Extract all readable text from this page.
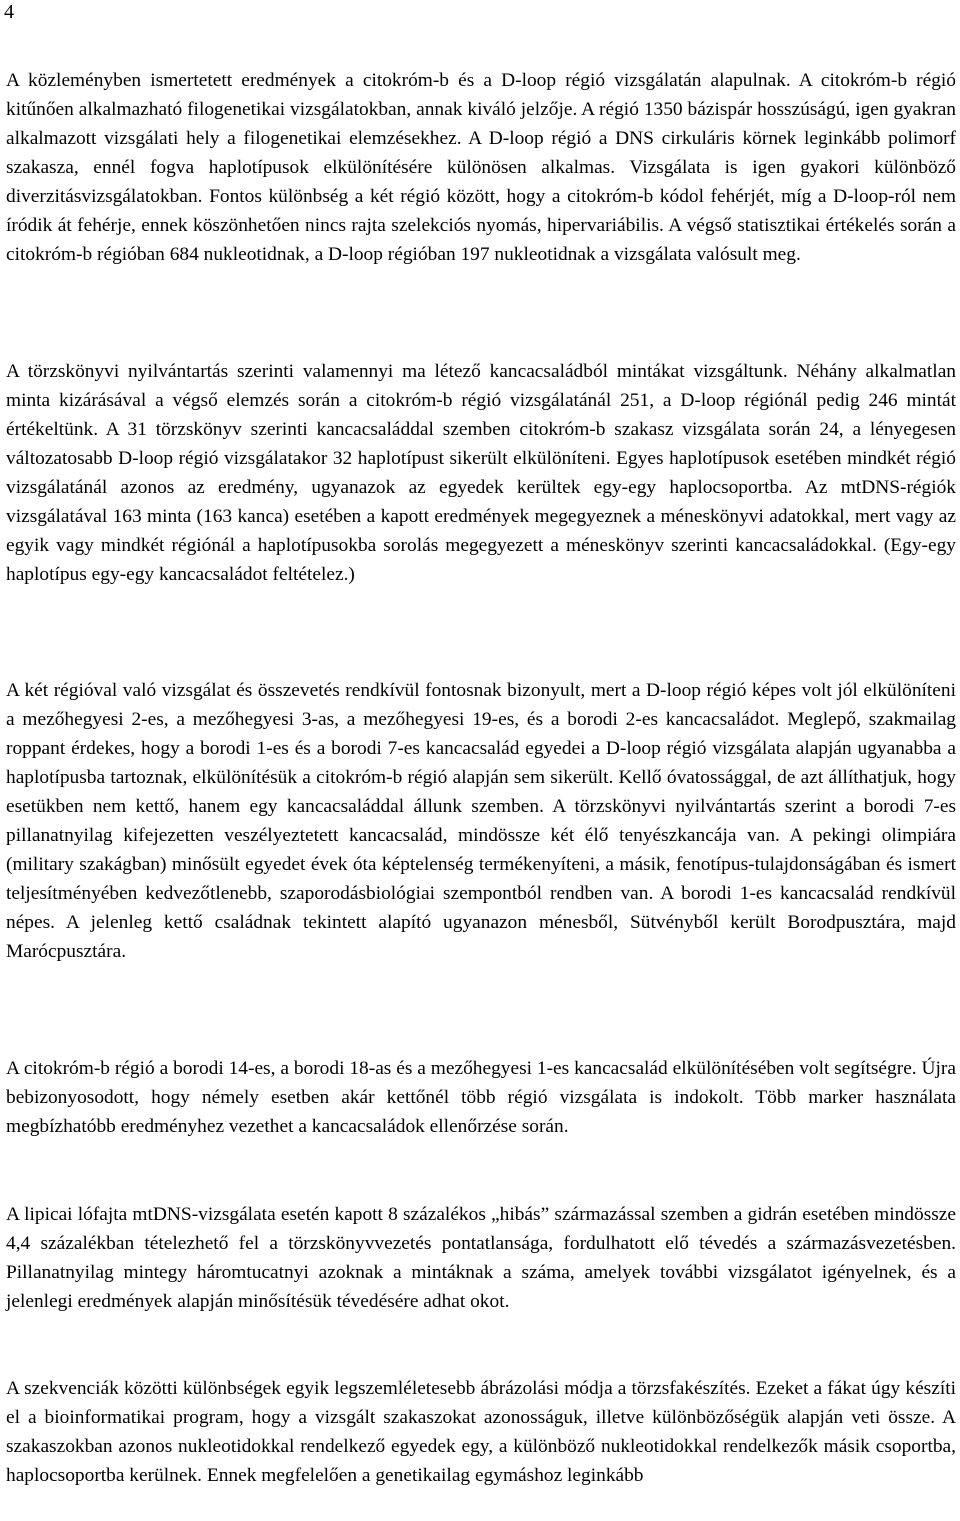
4

A közleményben ismertetett eredmények a citokróm-b és a D-loop régió vizsgálatán alapulnak. A citokróm-b régió kitűnően alkalmazható filogenetikai vizsgálatokban, annak kiváló jelzője. A régió 1350 bázispár hosszúságú, igen gyakran alkalmazott vizsgálati hely a filogenetikai elemzésekhez. A D-loop régió a DNS cirkuláris körnek leginkább polimorf szakasza, ennél fogva haplotípusok elkülönítésére különösen alkalmas. Vizsgálata is igen gyakori különböző diverzitásvizsgálatokban. Fontos különbség a két régió között, hogy a citokróm-b kódol fehérjét, míg a D-loop-ról nem íródik át fehérje, ennek köszönhetően nincs rajta szelekciós nyomás, hipervariábilis. A végső statisztikai értékelés során a citokróm-b régióban 684 nukleotidnak, a D-loop régióban 197 nukleotidnak a vizsgálata valósult meg.

A törzskönyvi nyilvántartás szerinti valamennyi ma létező kancacsaládból mintákat vizsgáltunk. Néhány alkalmatlan minta kizárásával a végső elemzés során a citokróm-b régió vizsgálatánál 251, a D-loop régiónál pedig 246 mintát értékeltünk. A 31 törzskönyv szerinti kancacsaláddal szemben citokróm-b szakasz vizsgálata során 24, a lényegesen változatosabb D-loop régió vizsgálatakor 32 haplotípust sikerült elkülöníteni. Egyes haplotípusok esetében mindkét régió vizsgálatánál azonos az eredmény, ugyanazok az egyedek kerültek egy-egy haplocsoportba. Az mtDNS-régiók vizsgálatával 163 minta (163 kanca) esetében a kapott eredmények megegyeznek a méneskönyvi adatokkal, mert vagy az egyik vagy mindkét régiónál a haplotípusokba sorolás megegyezett a méneskönyv szerinti kancacsaládokkal. (Egy-egy haplotípus egy-egy kancacsaládot feltételez.)

A két régióval való vizsgálat és összevetés rendkívül fontosnak bizonyult, mert a D-loop régió képes volt jól elkülöníteni a mezőhegyesi 2-es, a mezőhegyesi 3-as, a mezőhegyesi 19-es, és a borodi 2-es kancacsaládot. Meglepő, szakmailag roppant érdekes, hogy a borodi 1-es és a borodi 7-es kancacsalád egyedei a D-loop régió vizsgálata alapján ugyanabba a haplotípusba tartoznak, elkülönítésük a citokróm-b régió alapján sem sikerült. Kellő óvatossággal, de azt állíthatjuk, hogy esetükben nem kettő, hanem egy kancacsaláddal állunk szemben. A törzskönyvi nyilvántartás szerint a borodi 7-es pillanatnyilag kifejezetten veszélyeztetett kancacsalád, mindössze két élő tenyészkancája van. A pekingi olimpiára (military szakágban) minősült egyedet évek óta képtelenség termékenyíteni, a másik, fenotípus-tulajdonságában és ismert teljesítményében kedvezőtlenebb, szaporodásbiológiai szempontból rendben van. A borodi 1-es kancacsalád rendkívül népes. A jelenleg kettő családnak tekintett alapító ugyanazon ménesből, Sütvényből került Borodpusztára, majd Marócpusztára.

A citokróm-b régió a borodi 14-es, a borodi 18-as és a mezőhegyesi 1-es kancacsalád elkülönítésében volt segítségre. Újra bebizonyosodott, hogy némely esetben akár kettőnél több régió vizsgálata is indokolt. Több marker használata megbízhatóbb eredményhez vezethet a kancacsaládok ellenőrzése során.

A lipicai lófajta mtDNS-vizsgálata esetén kapott 8 százalékos „hibás” származással szemben a gidrán esetében mindössze 4,4 százalékban tételezhető fel a törzskönyvvezetés pontatlansága, fordulhatott elő tévedés a származásvezetésben. Pillanatnyilag mintegy háromtucatnyi azoknak a mintáknak a száma, amelyek további vizsgálatot igényelnek, és a jelenlegi eredmények alapján minősítésük tévedésére adhat okot.

A szekvenciák közötti különbségek egyik legszemléletesebb ábrázolási módja a törzsfakészítés. Ezeket a fákat úgy készíti el a bioinformatikai program, hogy a vizsgált szakaszokat azonosságuk, illetve különbözőségük alapján veti össze. A szakaszokban azonos nukleotidokkal rendelkező egyedek egy, a különböző nukleotidokkal rendelkezők másik csoportba, haplocsoportba kerülnek. Ennek megfelelően a genetikailag egymáshoz leginkább
